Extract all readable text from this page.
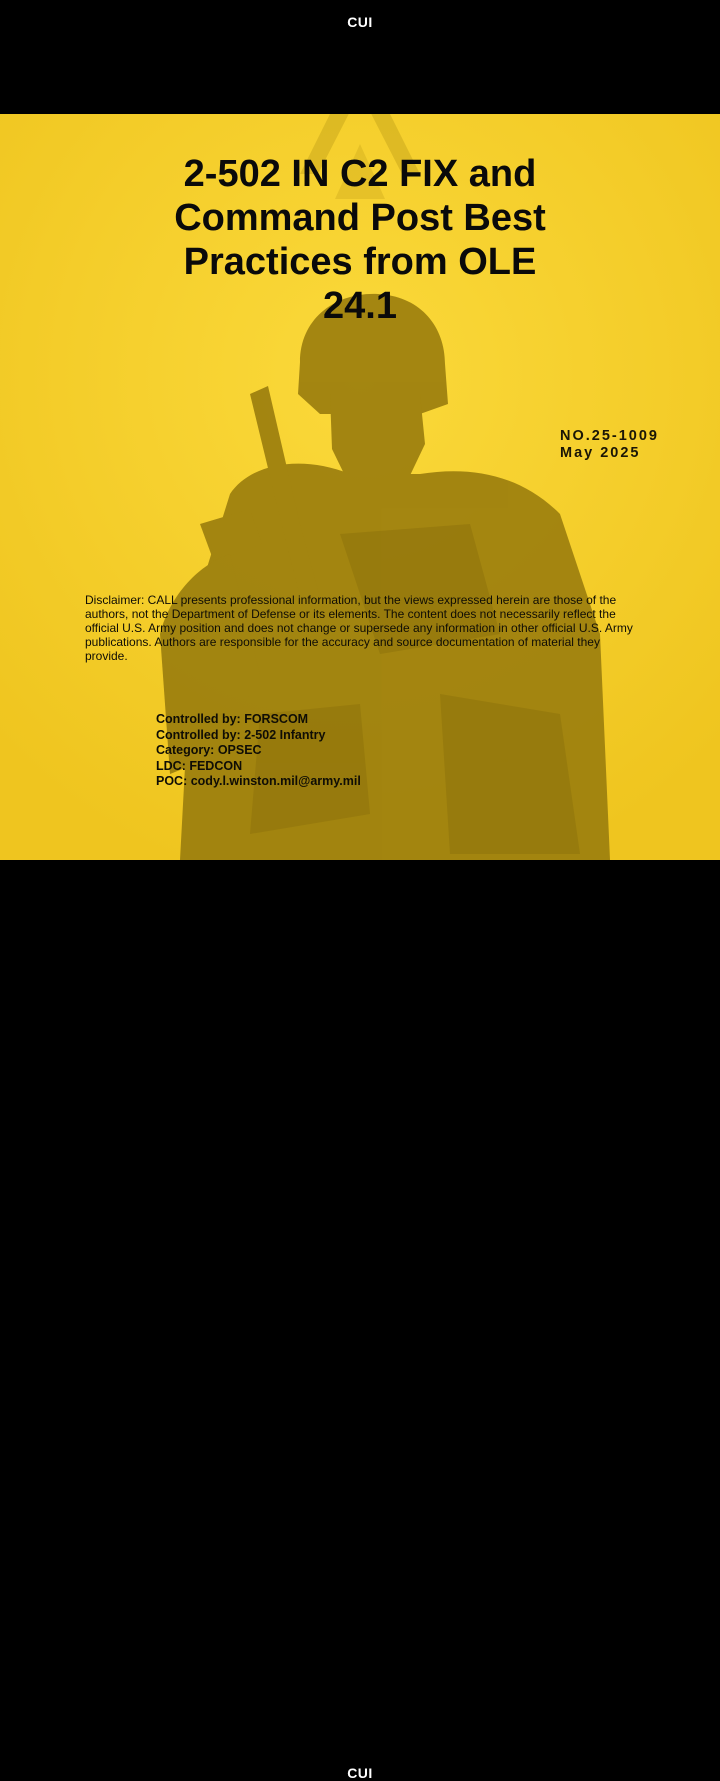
CUI
2-502 IN C2 FIX and
Command Post Best
Practices from OLE
24.1
NO.25-1009
May 2025

Disclaimer: CALL presents professional information, but the views expressed herein are those of the authors, not the Department of Defense or its elements. The content does not necessarily reflect the official U.S. Army position and does not change or supersede any information in other official U.S. Army publications. Authors are responsible for the accuracy and source documentation of material they provide.

Controlled by: FORSCOM
Controlled by: 2-502 Infantry
Category: OPSEC
LDC: FEDCON
POC: cody.l.winston.mil@army.mil
CUI
